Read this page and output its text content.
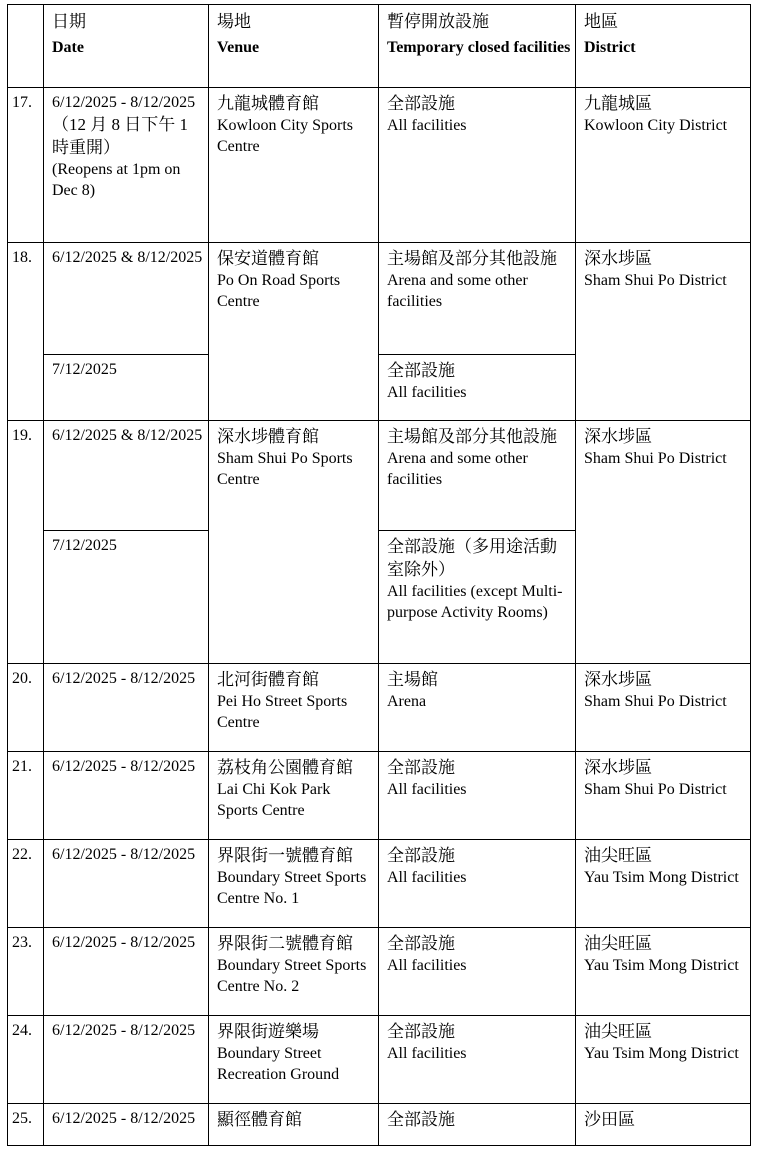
	日期
Date	場地
Venue	暫停開放設施
Temporary closed facilities	地區
District

17.	6/12/2025 - 8/12/2025
（12 月 8 日下午 1 時重開）
(Reopens at 1pm on Dec 8)	九龍城體育館
Kowloon City Sports Centre	全部設施
All facilities	九龍城區
Kowloon City District

18.	6/12/2025 & 8/12/2025	保安道體育館
Po On Road Sports Centre	主場館及部分其他設施
Arena and some other facilities	深水埗區
Sham Shui Po District

	7/12/2025		全部設施
All facilities	

19.	6/12/2025 & 8/12/2025	深水埗體育館
Sham Shui Po Sports Centre	主場館及部分其他設施
Arena and some other facilities	深水埗區
Sham Shui Po District

	7/12/2025		全部設施（多用途活動室除外）
All facilities (except Multi-purpose Activity Rooms)	

20.	6/12/2025 - 8/12/2025	北河街體育館
Pei Ho Street Sports Centre	主場館
Arena	深水埗區
Sham Shui Po District

21.	6/12/2025 - 8/12/2025	荔枝角公園體育館
Lai Chi Kok Park Sports Centre	全部設施
All facilities	深水埗區
Sham Shui Po District

22.	6/12/2025 - 8/12/2025	界限街一號體育館
Boundary Street Sports Centre No. 1	全部設施
All facilities	油尖旺區
Yau Tsim Mong District

23.	6/12/2025 - 8/12/2025	界限街二號體育館
Boundary Street Sports Centre No. 2	全部設施
All facilities	油尖旺區
Yau Tsim Mong District

24.	6/12/2025 - 8/12/2025	界限街遊樂場
Boundary Street Recreation Ground	全部設施
All facilities	油尖旺區
Yau Tsim Mong District

25.	6/12/2025 - 8/12/2025	顯徑體育館	全部設施	沙田區
